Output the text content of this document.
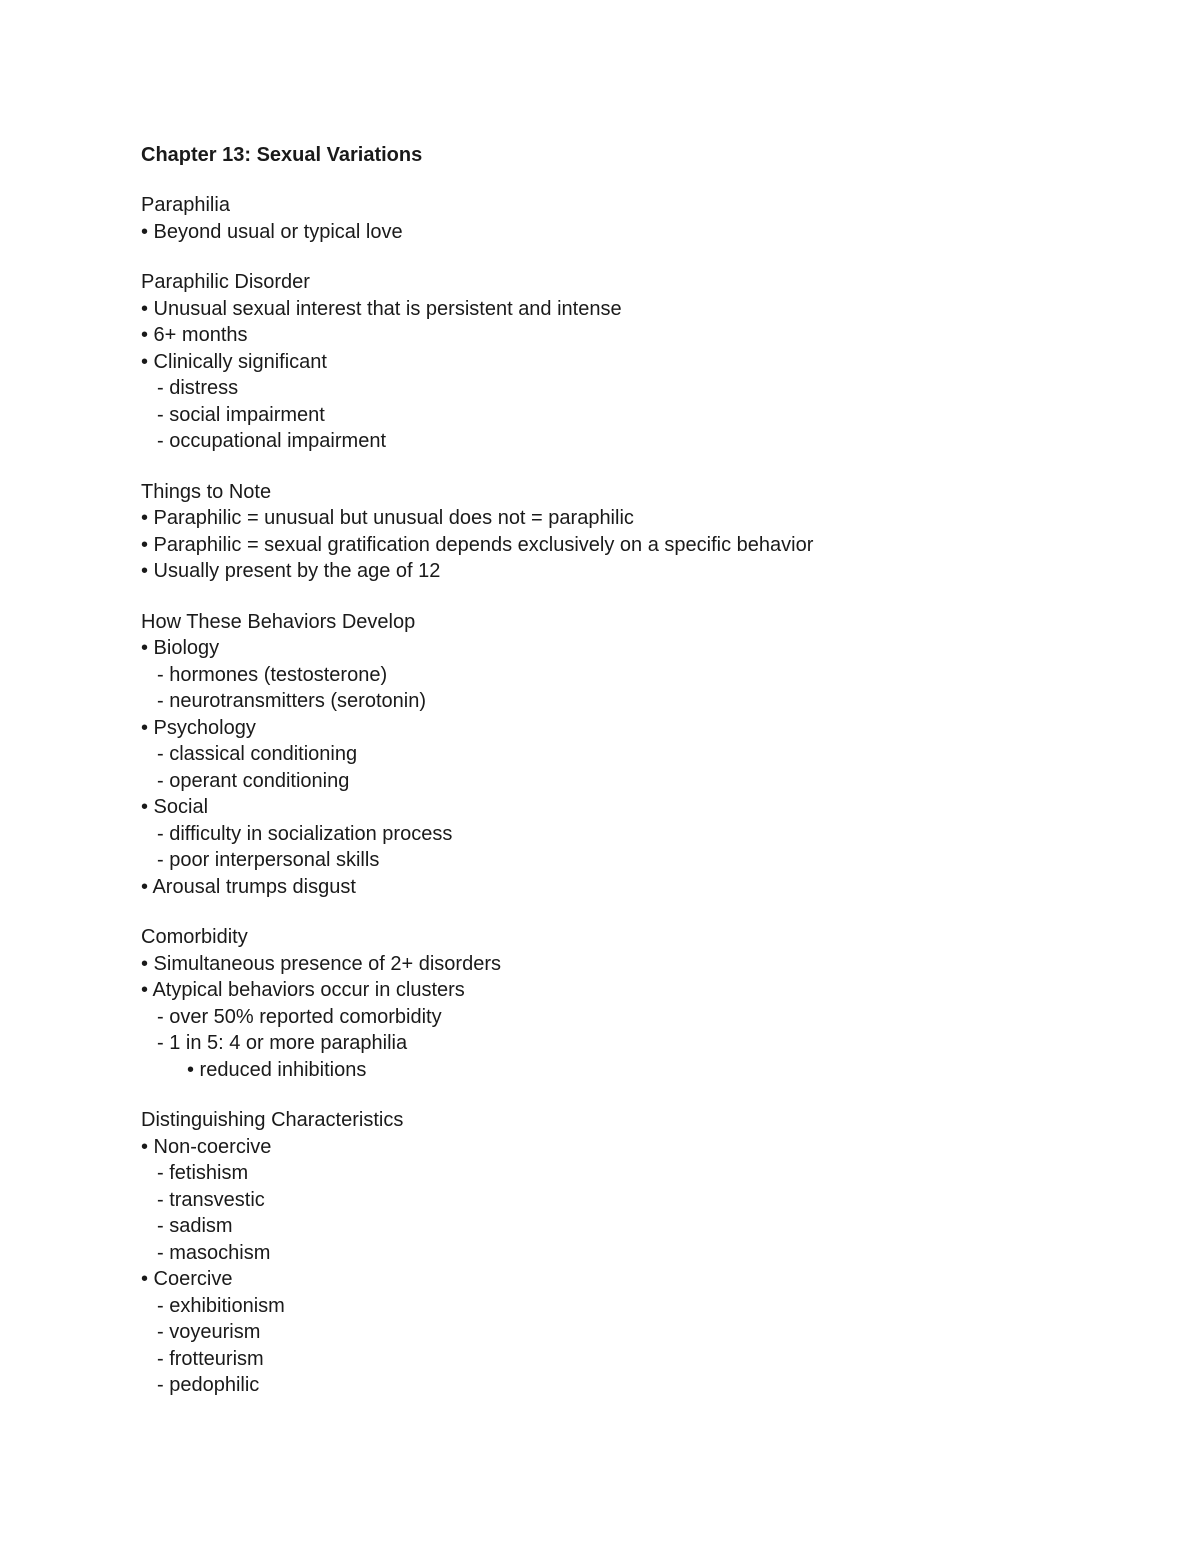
Chapter 13: Sexual Variations
Paraphilia
• Beyond usual or typical love
Paraphilic Disorder
• Unusual sexual interest that is persistent and intense
• 6+ months
• Clinically significant
- distress
- social impairment
- occupational impairment
Things to Note
• Paraphilic = unusual but unusual does not = paraphilic
• Paraphilic = sexual gratification depends exclusively on a specific behavior
• Usually present by the age of 12
How These Behaviors Develop
• Biology
- hormones (testosterone)
- neurotransmitters (serotonin)
• Psychology
- classical conditioning
- operant conditioning
• Social
- difficulty in socialization process
- poor interpersonal skills
• Arousal trumps disgust
Comorbidity
• Simultaneous presence of 2+ disorders
• Atypical behaviors occur in clusters
- over 50% reported comorbidity
- 1 in 5: 4 or more paraphilia
• reduced inhibitions
Distinguishing Characteristics
• Non-coercive
- fetishism
- transvestic
- sadism
- masochism
• Coercive
- exhibitionism
- voyeurism
- frotteurism
- pedophilic
